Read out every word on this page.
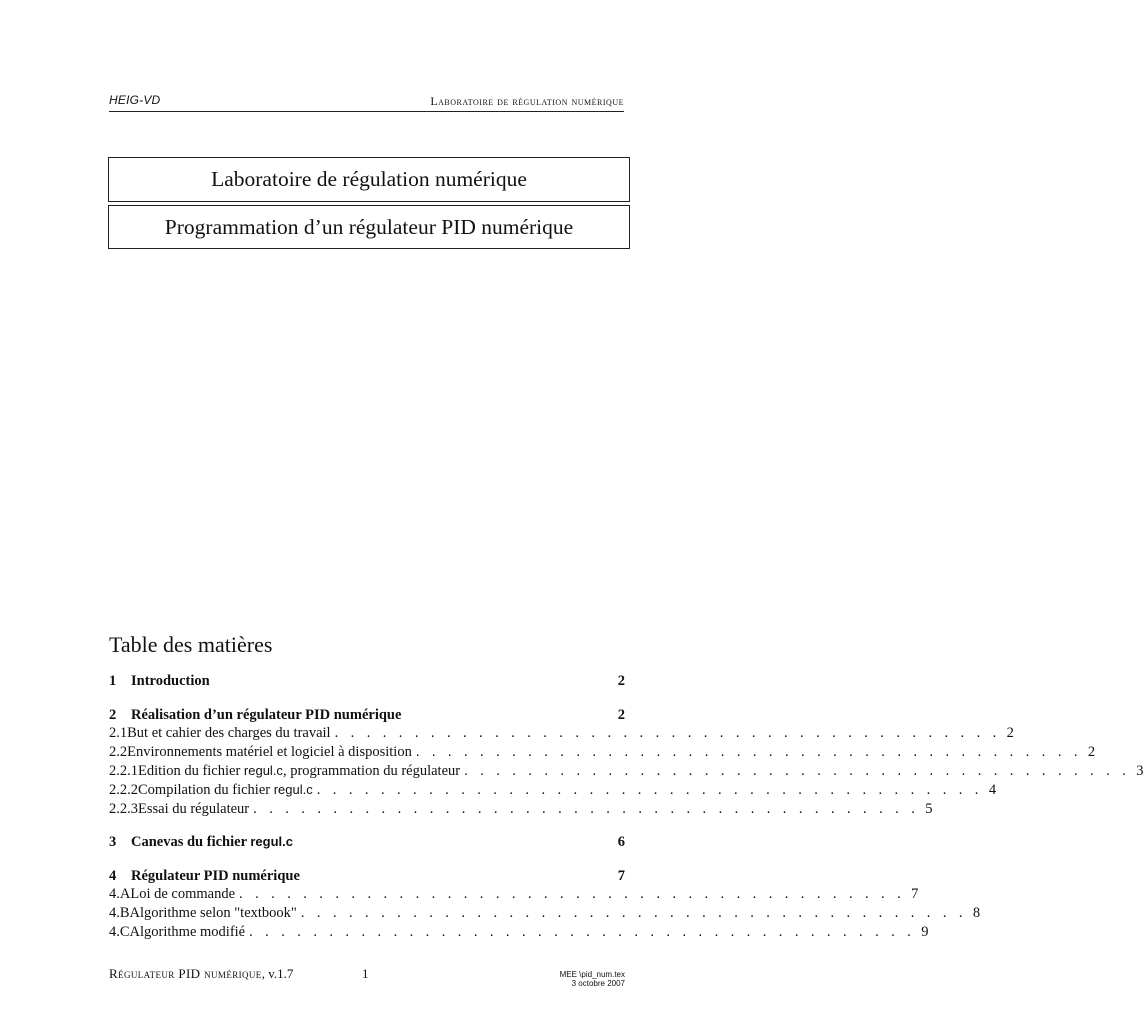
HEIG-VD	Laboratoire de régulation numérique
Laboratoire de régulation numérique
Programmation d’un régulateur PID numérique
Table des matières
1	Introduction	2
2	Réalisation d’un régulateur PID numérique	2
2.1 But et cahier des charges du travail . . . . . . . . . . . . . . . . . . . . . . . . . . . . . . . . . . . . . . . . . . 2
2.2 Environnements matériel et logiciel à disposition . . . . . . . . . . . . . . . . . . . . . . . . . . . . . . . . . . . . . . . . . . 2
2.2.1 Edition du fichier regul.c, programmation du régulateur . . . . . . . . . . . . . . . . . . . . . . . . . . . . . . . . . . . . . . . . . . 3
2.2.2 Compilation du fichier regul.c . . . . . . . . . . . . . . . . . . . . . . . . . . . . . . . . . . . . . . . . . . 4
2.2.3 Essai du régulateur . . . . . . . . . . . . . . . . . . . . . . . . . . . . . . . . . . . . . . . . . . 5
3	Canevas du fichier regul.c	6
4	Régulateur PID numérique	7
4.A Loi de commande . . . . . . . . . . . . . . . . . . . . . . . . . . . . . . . . . . . . . . . . . . 7
4.B Algorithme selon "textbook" . . . . . . . . . . . . . . . . . . . . . . . . . . . . . . . . . . . . . . . . . . 8
4.C Algorithme modifié . . . . . . . . . . . . . . . . . . . . . . . . . . . . . . . . . . . . . . . . . . 9
Régulateur PID numérique, v.1.7	1	MEE \pid_num.tex
3 octobre 2007
